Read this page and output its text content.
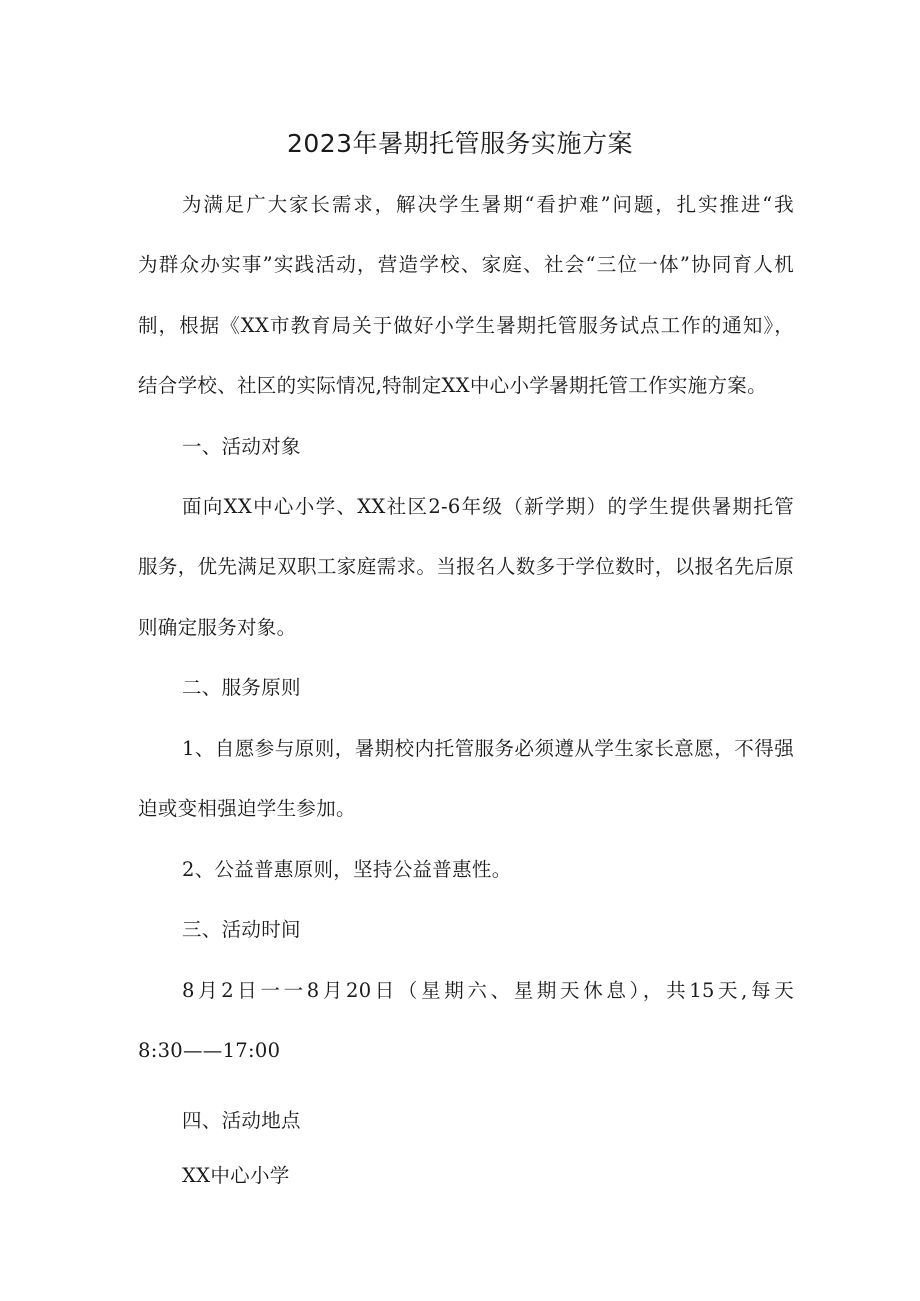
2023年暑期托管服务实施方案
为满足广大家长需求，解决学生暑期“看护难”问题，扎实推进“我
为群众办实事”实践活动，营造学校、家庭、社会“三位一体”协同育人机
制，根据《XX市教育局关于做好小学生暑期托管服务试点工作的通知》，
结合学校、社区的实际情况,特制定XX中心小学暑期托管工作实施方案。
一、活动对象
面向XX中心小学、XX社区2-6年级（新学期）的学生提供暑期托管
服务，优先满足双职工家庭需求。当报名人数多于学位数时，以报名先后原
则确定服务对象。
二、服务原则
1、自愿参与原则，暑期校内托管服务必须遵从学生家长意愿，不得强
迫或变相强迫学生参加。
2、公益普惠原则，坚持公益普惠性。
三、活动时间
8月2日一一8月20日（星期六、星期天休息），共15天,每天
8:30——17:00
四、活动地点
XX中心小学
